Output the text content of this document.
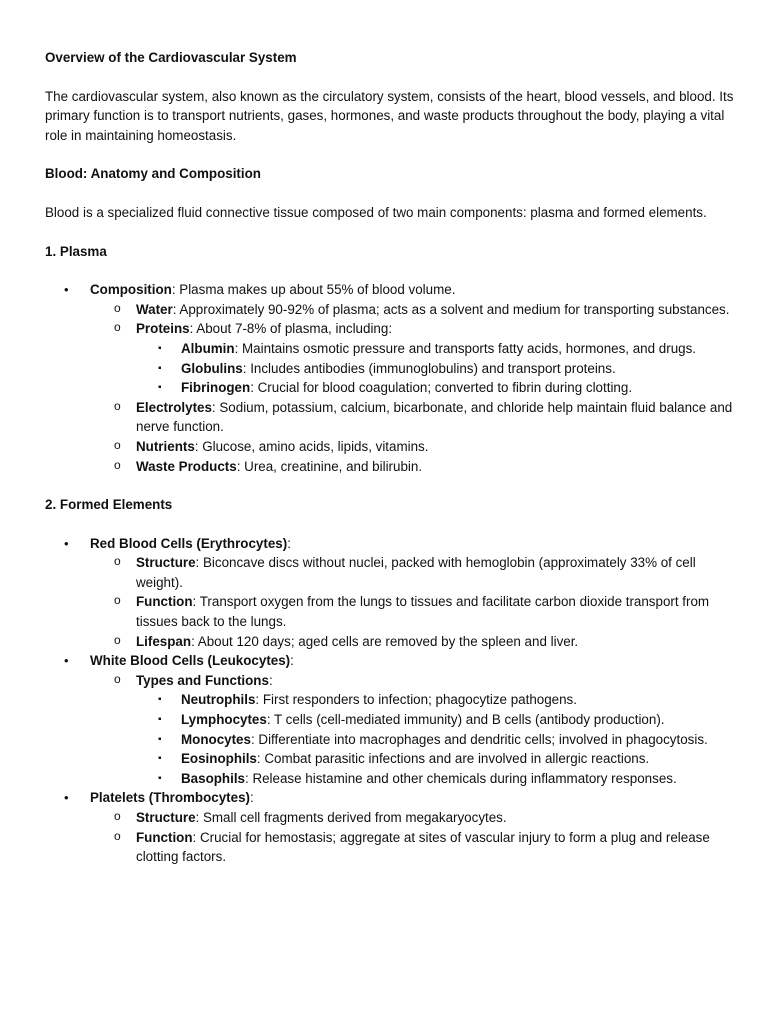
Overview of the Cardiovascular System

The cardiovascular system, also known as the circulatory system, consists of the heart, blood vessels, and blood. Its primary function is to transport nutrients, gases, hormones, and waste products throughout the body, playing a vital role in maintaining homeostasis.

Blood: Anatomy and Composition

Blood is a specialized fluid connective tissue composed of two main components: plasma and formed elements.

1. Plasma

• Composition: Plasma makes up about 55% of blood volume.
o Water: Approximately 90-92% of plasma; acts as a solvent and medium for transporting substances.
o Proteins: About 7-8% of plasma, including:
▪ Albumin: Maintains osmotic pressure and transports fatty acids, hormones, and drugs.
▪ Globulins: Includes antibodies (immunoglobulins) and transport proteins.
▪ Fibrinogen: Crucial for blood coagulation; converted to fibrin during clotting.
o Electrolytes: Sodium, potassium, calcium, bicarbonate, and chloride help maintain fluid balance and nerve function.
o Nutrients: Glucose, amino acids, lipids, vitamins.
o Waste Products: Urea, creatinine, and bilirubin.

2. Formed Elements

• Red Blood Cells (Erythrocytes):
o Structure: Biconcave discs without nuclei, packed with hemoglobin (approximately 33% of cell weight).
o Function: Transport oxygen from the lungs to tissues and facilitate carbon dioxide transport from tissues back to the lungs.
o Lifespan: About 120 days; aged cells are removed by the spleen and liver.
• White Blood Cells (Leukocytes):
o Types and Functions:
▪ Neutrophils: First responders to infection; phagocytize pathogens.
▪ Lymphocytes: T cells (cell-mediated immunity) and B cells (antibody production).
▪ Monocytes: Differentiate into macrophages and dendritic cells; involved in phagocytosis.
▪ Eosinophils: Combat parasitic infections and are involved in allergic reactions.
▪ Basophils: Release histamine and other chemicals during inflammatory responses.
• Platelets (Thrombocytes):
o Structure: Small cell fragments derived from megakaryocytes.
o Function: Crucial for hemostasis; aggregate at sites of vascular injury to form a plug and release clotting factors.
